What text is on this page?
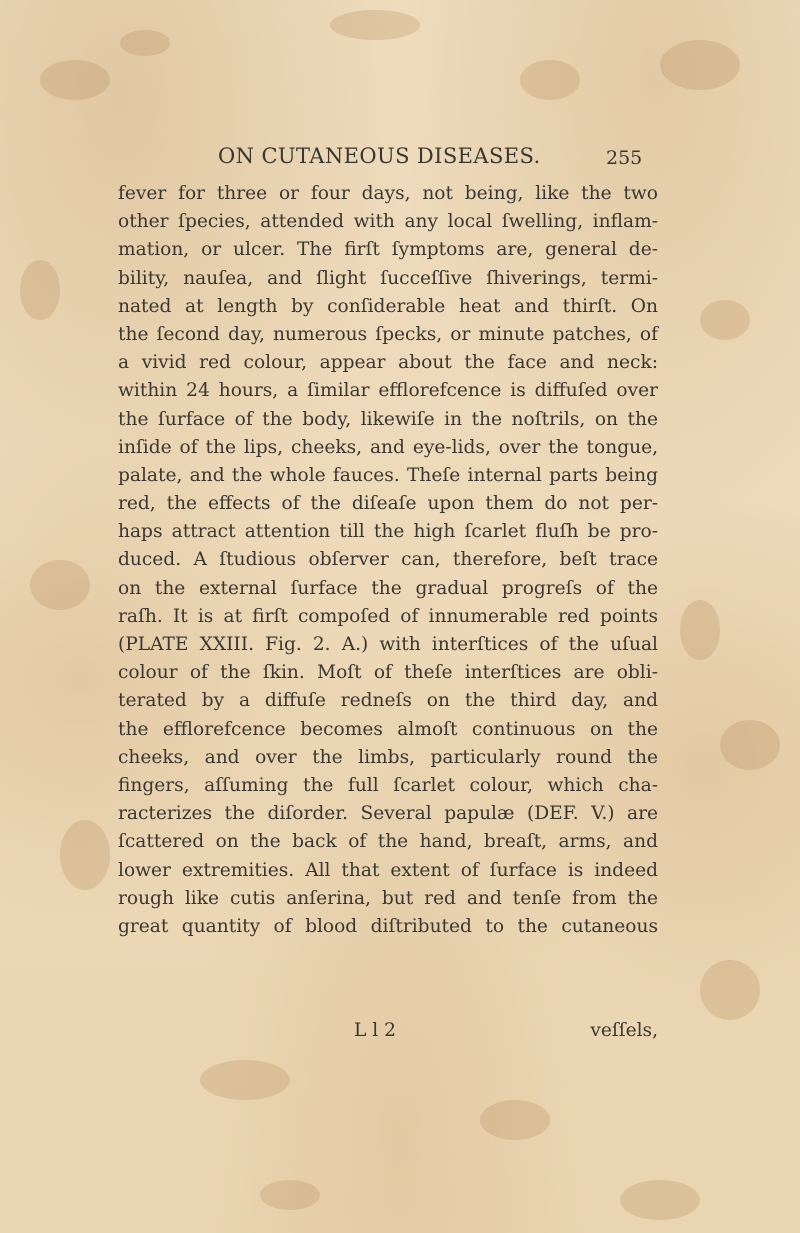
ON CUTANEOUS DISEASES.	255
fever for three or four days, not being, like the two
other ſpecies, attended with any local ſwelling, inflam-
mation, or ulcer. The firſt ſymptoms are, general de-
bility, nauſea, and ſlight ſucceſſive ſhiverings, termi-
nated at length by conſiderable heat and thirſt. On
the ſecond day, numerous ſpecks, or minute patches, of
a vivid red colour, appear about the face and neck:
within 24 hours, a ſimilar efflorefcence is diffuſed over
the ſurface of the body, likewiſe in the noſtrils, on the
inſide of the lips, cheeks, and eye-lids, over the tongue,
palate, and the whole fauces. Theſe internal parts being
red, the effects of the diſeaſe upon them do not per-
haps attract attention till the high ſcarlet fluſh be pro-
duced. A ſtudious obſerver can, therefore, beſt trace
on the external ſurface the gradual progreſs of the
raſh. It is at firſt compoſed of innumerable red points
(PLATE XXIII. Fig. 2. A.) with interſtices of the uſual
colour of the ſkin. Moſt of theſe interſtices are obli-
terated by a diffuſe redneſs on the third day, and
the efflorefcence becomes almoſt continuous on the
cheeks, and over the limbs, particularly round the
fingers, aſſuming the full ſcarlet colour, which cha-
racterizes the diſorder. Several papulæ (DEF. V.) are
ſcattered on the back of the hand, breaſt, arms, and
lower extremities. All that extent of ſurface is indeed
rough like cutis anſerina, but red and tenſe from the
great quantity of blood diſtributed to the cutaneous
L l 2	veſſels,
